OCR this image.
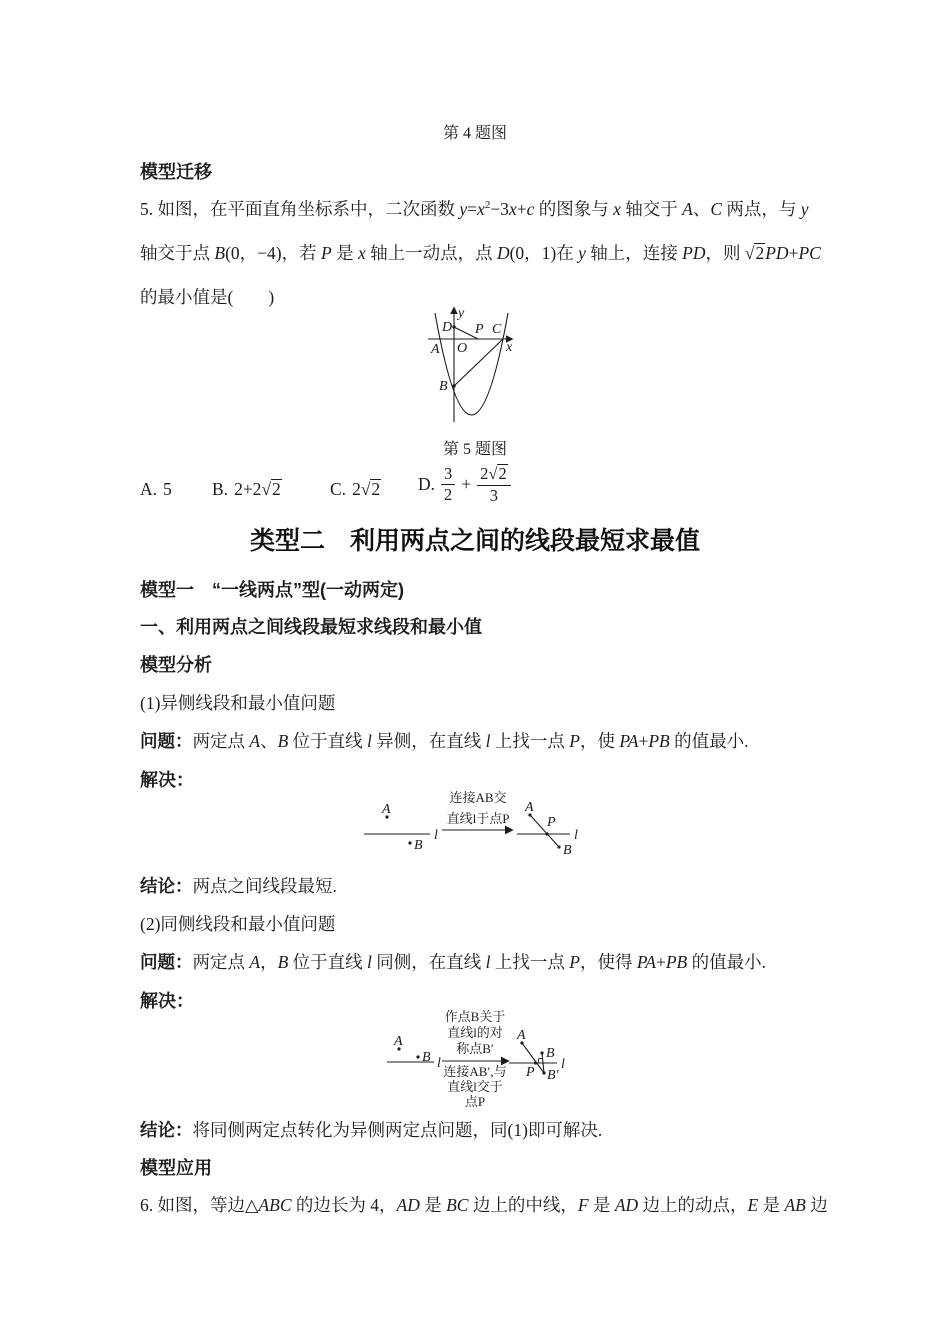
第 4 题图
模型迁移
5. 如图，在平面直角坐标系中，二次函数 $y=x^2-3x+c$ 的图象与 x 轴交于 A、C 两点，与 y
轴交于点 B(0，−4)，若 P 是 x 轴上一动点，点 D(0，1)在 y 轴上，连接 PD，则 √2PD+PC
的最小值是(　　)
y
x
O
D P C
A
B
第 5 题图
A. 5 B. 2+2√2	C. 2√2 D. $\frac{3}{2} + \frac{2√2}{3}$
类型二　利用两点之间的线段最短求最值
模型一　“一线两点”型(一动两定)
一、利用两点之间线段最短求线段和最小值
模型分析
(1)异侧线段和最小值问题
问题：两定点 A、B 位于直线 l 异侧，在直线 l 上找一点 P，使 PA+PB 的值最小.
解决：
l
A
B
连接AB交
直线l于点P
l
A
P
B
结论：两点之间线段最短.
(2)同侧线段和最小值问题
问题：两定点 A，B 位于直线 l 同侧，在直线 l 上找一点 P，使得 PA+PB 的值最小.
解决：
l
A
B
作点B关于
直线l的对
称点B′
连接AB′,与
直线l交于
点P
l
A
B
P B′
结论：将同侧两定点转化为异侧两定点问题，同(1)即可解决.
模型应用
6. 如图，等边△ABC 的边长为 4，AD 是 BC 边上的中线，F 是 AD 边上的动点，E 是 AB 边
